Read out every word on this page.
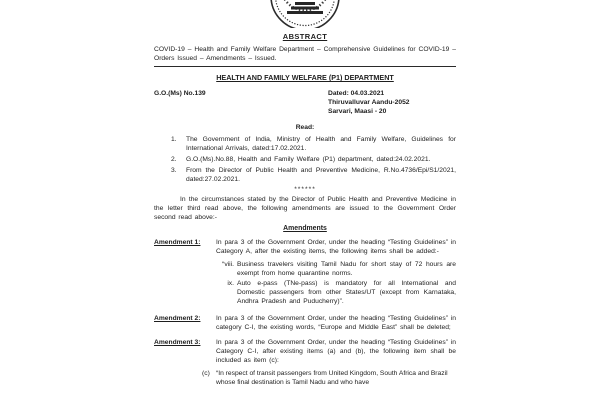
ABSTRACT
COVID-19 – Health and Family Welfare Department – Comprehensive Guidelines for COVID-19 – Orders Issued – Amendments – Issued.
HEALTH AND FAMILY WELFARE (P1) DEPARTMENT
G.O.(Ms) No.139	Dated: 04.03.2021
Thiruvalluvar Aandu-2052
Sarvari, Maasi - 20
Read:
1.	The Government of India, Ministry of Health and Family Welfare, Guidelines for International Arrivals, dated:17.02.2021.
2.	G.O.(Ms).No.88, Health and Family Welfare (P1) department, dated:24.02.2021.
3.	From the Director of Public Health and Preventive Medicine, R.No.4736/Epi/S1/2021, dated:27.02.2021.
******
In the circumstances stated by the Director of Public Health and Preventive Medicine in the letter third read above, the following amendments are issued to the Government Order second read above:-
Amendments
Amendment 1:	In para 3 of the Government Order, under the heading “Testing Guidelines” in Category A, after the existing items, the following items shall be added:-
“viii. Business travelers visiting Tamil Nadu for short stay of 72 hours are exempt from home quarantine norms.
ix. Auto e-pass (TNe-pass) is mandatory for all International and Domestic passengers from other States/UT (except from Karnataka, Andhra Pradesh and Puducherry)”.
Amendment 2:	In para 3 of the Government Order, under the heading “Testing Guidelines” in category C-I, the existing words, “Europe and Middle East” shall be deleted;
Amendment 3:	In para 3 of the Government Order, under the heading “Testing Guidelines” in Category C-I, after existing items (a) and (b), the following item shall be included as item (c):
(c) “In respect of transit passengers from United Kingdom, South Africa and Brazil whose final destination is Tamil Nadu and who have
